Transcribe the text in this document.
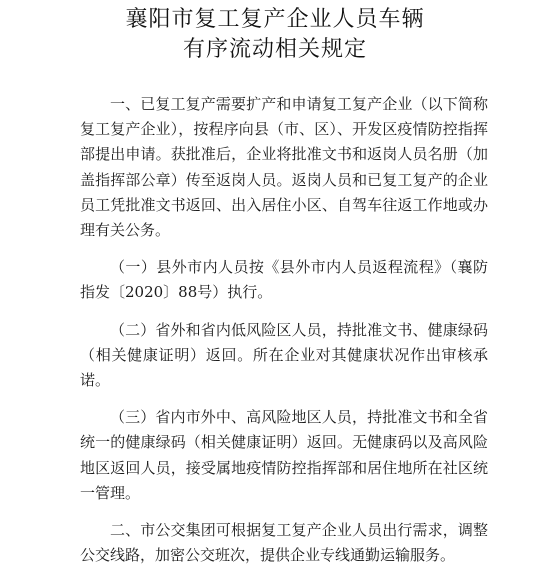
襄阳市复工复产企业人员车辆
有序流动相关规定

一、已复工复产需要扩产和申请复工复产企业（以下简称复工复产企业），按程序向县（市、区）、开发区疫情防控指挥部提出申请。获批准后，企业将批准文书和返岗人员名册（加盖指挥部公章）传至返岗人员。返岗人员和已复工复产的企业员工凭批准文书返回、出入居住小区、自驾车往返工作地或办理有关公务。

（一）县外市内人员按《县外市内人员返程流程》（襄防指发〔2020〕88号）执行。

（二）省外和省内低风险区人员，持批准文书、健康绿码（相关健康证明）返回。所在企业对其健康状况作出审核承诺。

（三）省内市外中、高风险地区人员，持批准文书和全省统一的健康绿码（相关健康证明）返回。无健康码以及高风险地区返回人员，接受属地疫情防控指挥部和居住地所在社区统一管理。

二、市公交集团可根据复工复产企业人员出行需求，调整公交线路，加密公交班次，提供企业专线通勤运输服务。
